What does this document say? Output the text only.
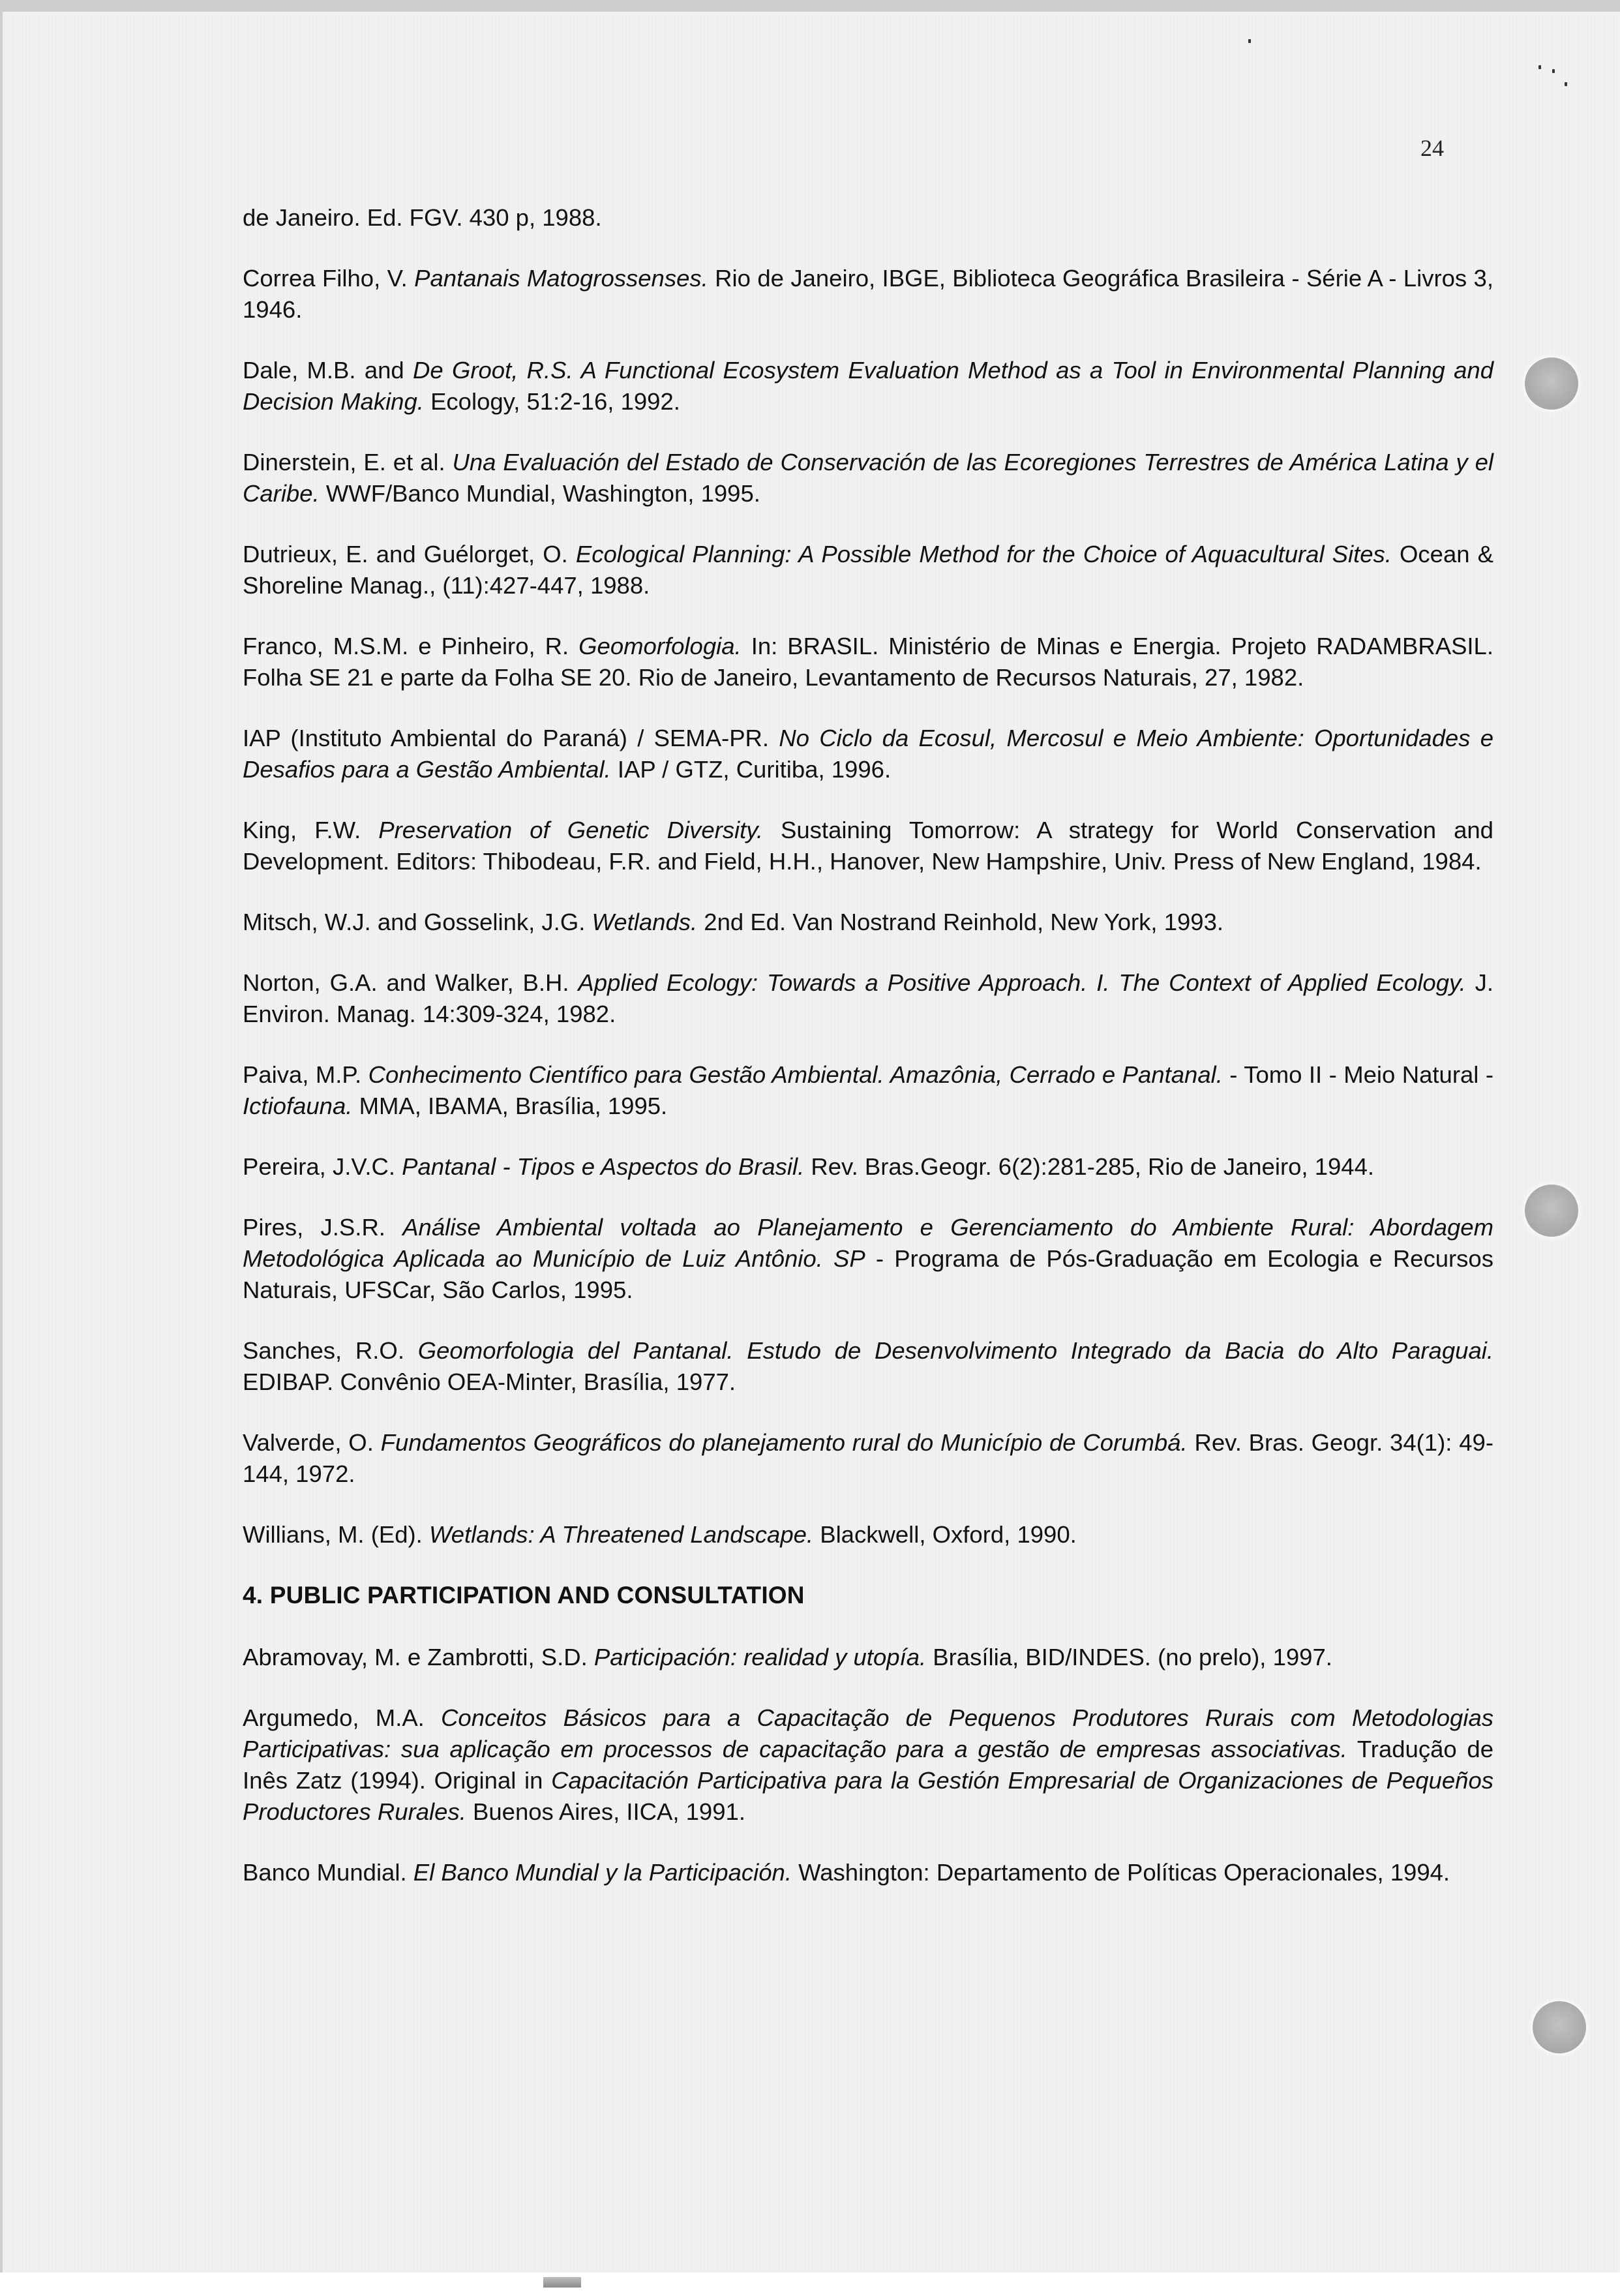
24

de Janeiro. Ed. FGV. 430 p, 1988.

Correa Filho, V. Pantanais Matogrossenses. Rio de Janeiro, IBGE, Biblioteca Geográfica Brasileira - Série A - Livros 3, 1946.

Dale, M.B. and De Groot, R.S. A Functional Ecosystem Evaluation Method as a Tool in Environmental Planning and Decision Making. Ecology, 51:2-16, 1992.

Dinerstein, E. et al. Una Evaluación del Estado de Conservación de las Ecoregiones Terrestres de América Latina y el Caribe. WWF/Banco Mundial, Washington, 1995.

Dutrieux, E. and Guélorget, O. Ecological Planning: A Possible Method for the Choice of Aquacultural Sites. Ocean & Shoreline Manag., (11):427-447, 1988.

Franco, M.S.M. e Pinheiro, R. Geomorfologia. In: BRASIL. Ministério de Minas e Energia. Projeto RADAMBRASIL. Folha SE 21 e parte da Folha SE 20. Rio de Janeiro, Levantamento de Recursos Naturais, 27, 1982.

IAP (Instituto Ambiental do Paraná) / SEMA-PR. No Ciclo da Ecosul, Mercosul e Meio Ambiente: Oportunidades e Desafios para a Gestão Ambiental. IAP / GTZ, Curitiba, 1996.

King, F.W. Preservation of Genetic Diversity. Sustaining Tomorrow: A strategy for World Conservation and Development. Editors: Thibodeau, F.R. and Field, H.H., Hanover, New Hampshire, Univ. Press of New England, 1984.

Mitsch, W.J. and Gosselink, J.G. Wetlands. 2nd Ed. Van Nostrand Reinhold, New York, 1993.

Norton, G.A. and Walker, B.H. Applied Ecology: Towards a Positive Approach. I. The Context of Applied Ecology. J. Environ. Manag. 14:309-324, 1982.

Paiva, M.P. Conhecimento Científico para Gestão Ambiental. Amazônia, Cerrado e Pantanal. - Tomo II - Meio Natural - Ictiofauna. MMA, IBAMA, Brasília, 1995.

Pereira, J.V.C. Pantanal - Tipos e Aspectos do Brasil. Rev. Bras.Geogr. 6(2):281-285, Rio de Janeiro, 1944.

Pires, J.S.R. Análise Ambiental voltada ao Planejamento e Gerenciamento do Ambiente Rural: Abordagem Metodológica Aplicada ao Município de Luiz Antônio. SP - Programa de Pós-Graduação em Ecologia e Recursos Naturais, UFSCar, São Carlos, 1995.

Sanches, R.O. Geomorfologia del Pantanal. Estudo de Desenvolvimento Integrado da Bacia do Alto Paraguai. EDIBAP. Convênio OEA-Minter, Brasília, 1977.

Valverde, O. Fundamentos Geográficos do planejamento rural do Município de Corumbá. Rev. Bras. Geogr. 34(1): 49-144, 1972.

Willians, M. (Ed). Wetlands: A Threatened Landscape. Blackwell, Oxford, 1990.

4. PUBLIC PARTICIPATION AND CONSULTATION

Abramovay, M. e Zambrotti, S.D. Participación: realidad y utopía. Brasília, BID/INDES. (no prelo), 1997.

Argumedo, M.A. Conceitos Básicos para a Capacitação de Pequenos Produtores Rurais com Metodologias Participativas: sua aplicação em processos de capacitação para a gestão de empresas associativas. Tradução de Inês Zatz (1994). Original in Capacitación Participativa para la Gestión Empresarial de Organizaciones de Pequeños Productores Rurales. Buenos Aires, IICA, 1991.

Banco Mundial. El Banco Mundial y la Participación. Washington: Departamento de Políticas Operacionales, 1994.
